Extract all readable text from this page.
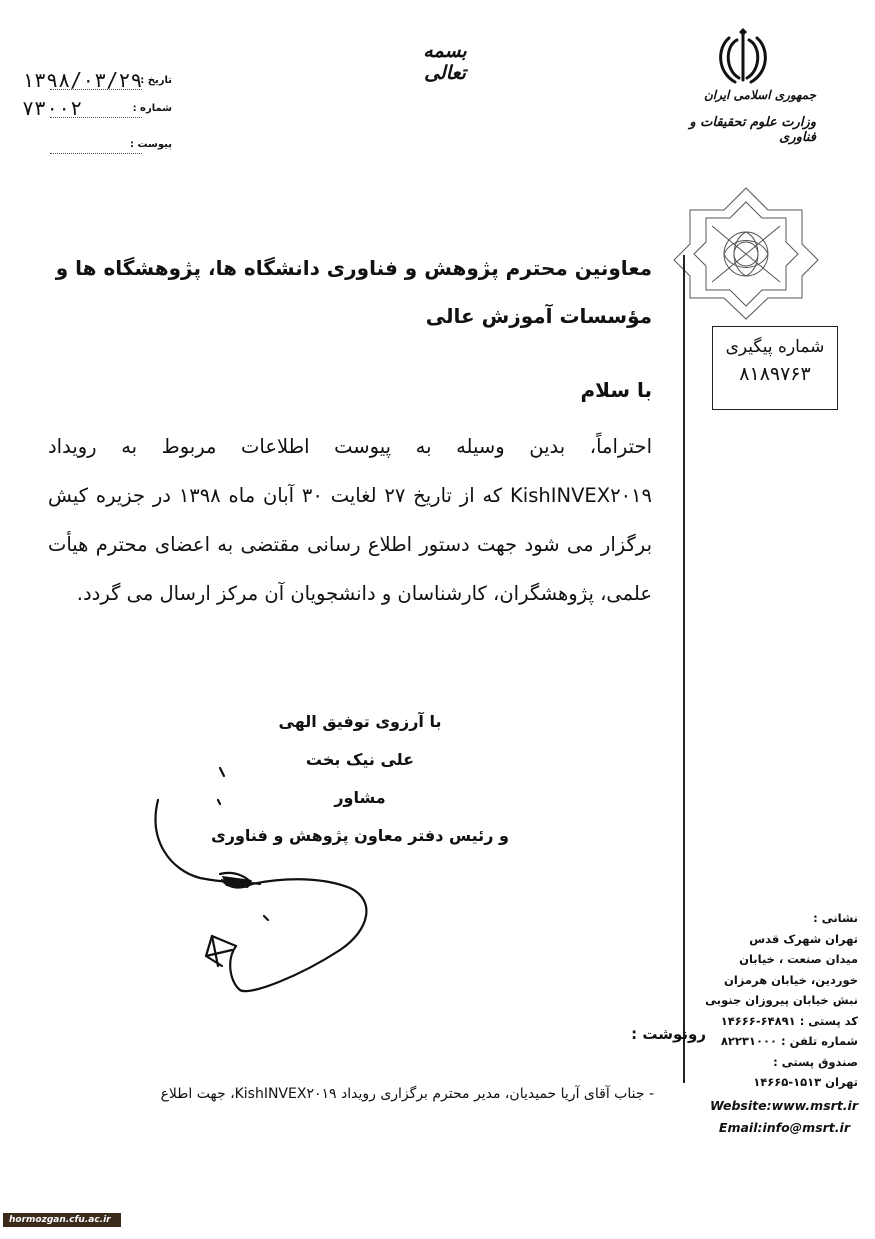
۱۳۹۸/۰۳/۲۹
تاریخ :
۷۳۰۰۲	شماره :
پیوست :
بسمه تعالی
جمهوری اسلامی ایران
وزارت علوم تحقیقات و فناوری
شماره پیگیری
۸۱۸۹۷۶۳
معاونین محترم پژوهش و فناوری دانشگاه ها، پژوهشگاه ها و مؤسسات آموزش عالی
با سلام
احتراماً، بدین وسیله به پیوست اطلاعات مربوط به رویداد KishINVEX۲۰۱۹ که از تاریخ ۲۷ لغایت ۳۰ آبان ماه ۱۳۹۸ در جزیره کیش برگزار می شود جهت دستور اطلاع رسانی مقتضی به اعضای محترم هیأت علمی، پژوهشگران، کارشناسان و دانشجویان آن مرکز ارسال می گردد.
با آرزوی توفیق الهی
علی نیک بخت
مشاور
و رئیس دفتر معاون پژوهش و فناوری
رونوشت :
- جناب آقای آریا حمیدیان، مدیر محترم برگزاری رویداد KishINVEX۲۰۱۹، جهت اطلاع
نشانی :
تهران شهرک قدس
میدان صنعت ، خیابان
خوردین، خیابان هرمزان
نبش خیابان پیروزان جنوبی
کد پستی : ۶۴۸۹۱-۱۴۶۶۶
شماره تلفن : ۸۲۲۳۱۰۰۰
صندوق پستی :
تهران ۱۵۱۳-۱۴۶۶۵
Website:www.msrt.ir
Email:info@msrt.ir
hormozgan.cfu.ac.ir
